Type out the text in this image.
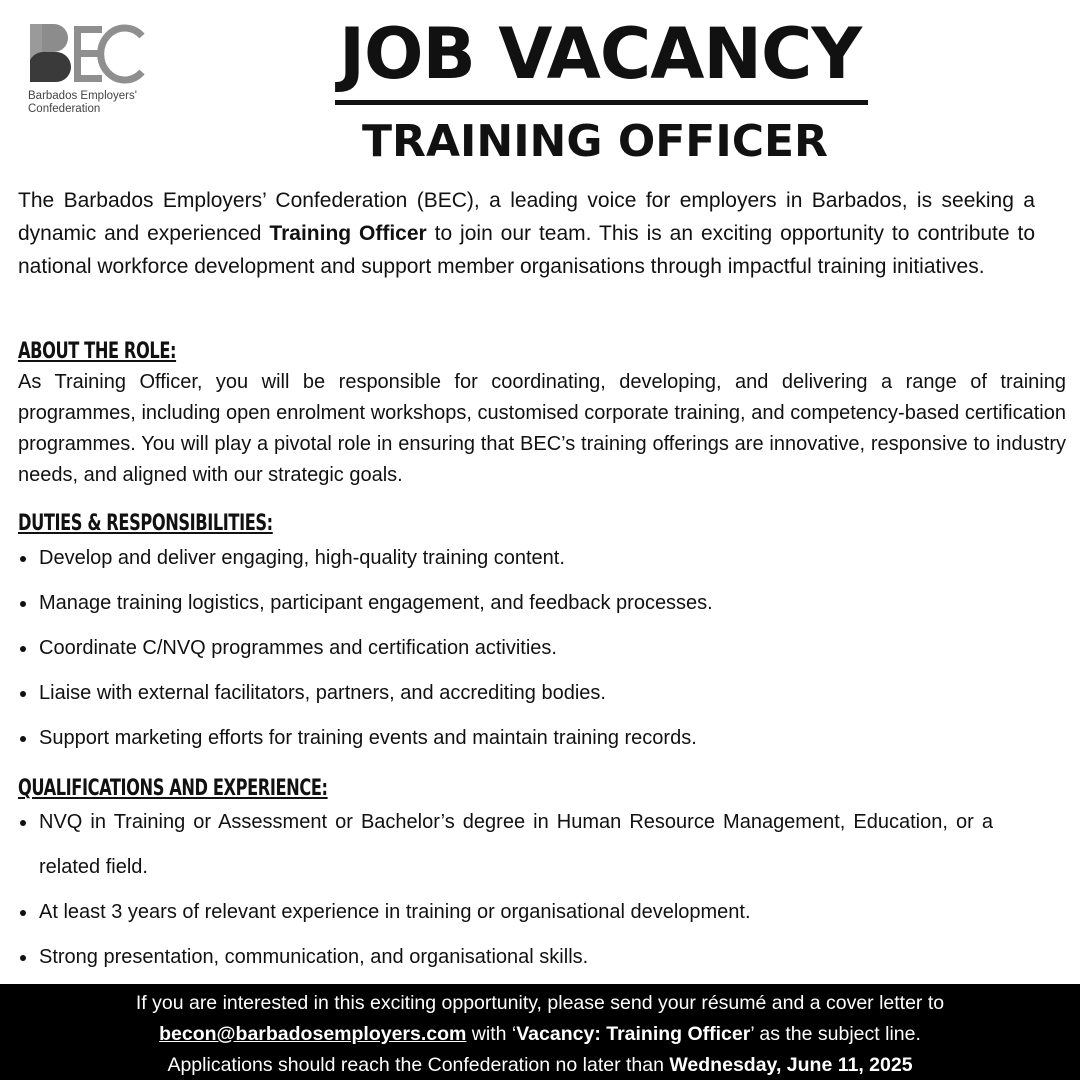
Barbados Employers'
Confederation
JOB VACANCY
TRAINING OFFICER
The Barbados Employers’ Confederation (BEC), a leading voice for employers in Barbados, is seeking a dynamic and experienced Training Officer to join our team. This is an exciting opportunity to contribute to national workforce development and support member organisations through impactful training initiatives.
ABOUT THE ROLE:
As Training Officer, you will be responsible for coordinating, developing, and delivering a range of training programmes, including open enrolment workshops, customised corporate training, and competency-based certification programmes. You will play a pivotal role in ensuring that BEC’s training offerings are innovative, responsive to industry needs, and aligned with our strategic goals.
DUTIES & RESPONSIBILITIES:
Develop and deliver engaging, high-quality training content.
Manage training logistics, participant engagement, and feedback processes.
Coordinate C/NVQ programmes and certification activities.
Liaise with external facilitators, partners, and accrediting bodies.
Support marketing efforts for training events and maintain training records.
QUALIFICATIONS AND EXPERIENCE:
NVQ in Training or Assessment or Bachelor’s degree in Human Resource Management, Education, or a related field.
At least 3 years of relevant experience in training or organisational development.
Strong presentation, communication, and organisational skills.
If you are interested in this exciting opportunity, please send your résumé and a cover letter to
becon@barbadosemployers.com with ‘Vacancy: Training Officer’ as the subject line.
Applications should reach the Confederation no later than Wednesday, June 11, 2025
